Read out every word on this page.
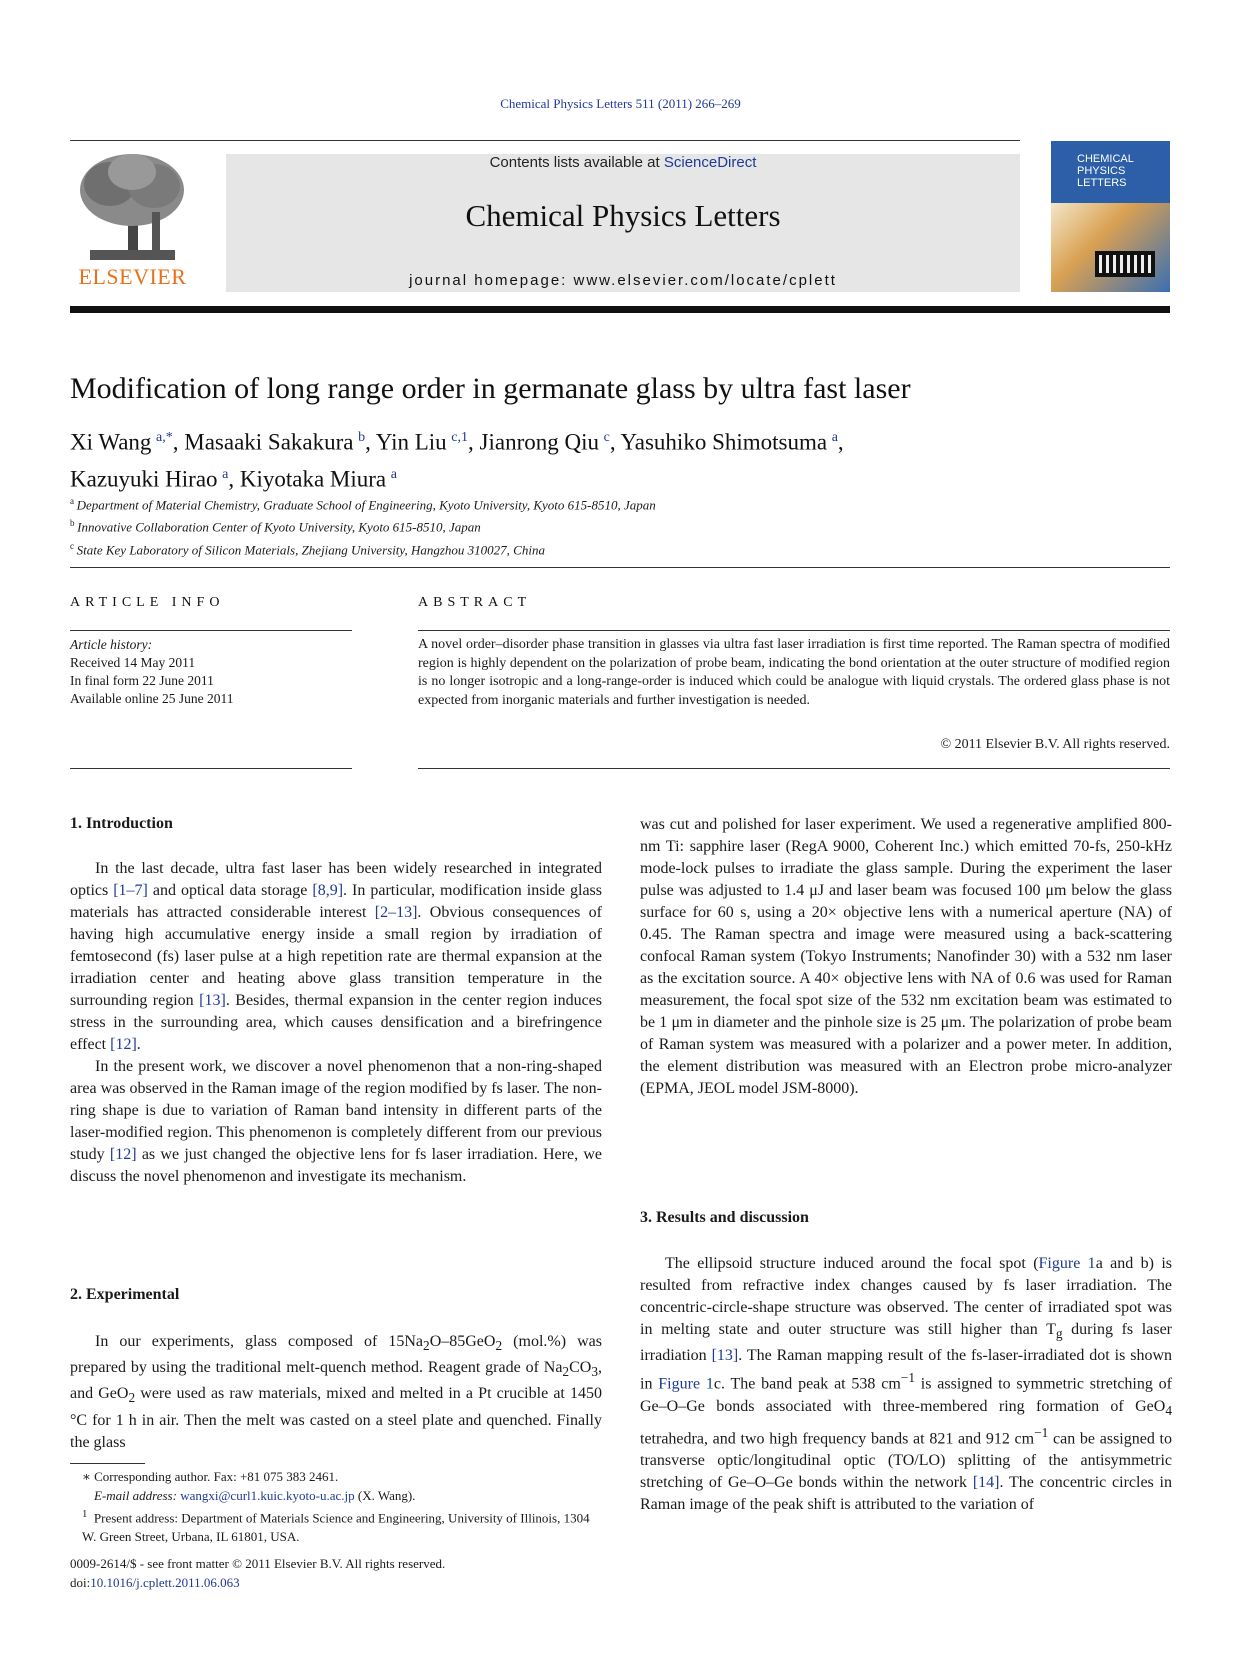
Chemical Physics Letters 511 (2011) 266–269
ELSEVIER
Contents lists available at ScienceDirect
Chemical Physics Letters
journal homepage: www.elsevier.com/locate/cplett
CHEMICAL
PHYSICS
LETTERS
Modification of long range order in germanate glass by ultra fast laser
Xi Wang  $^{a,*}$, Masaaki Sakakura  $^b$, Yin Liu  $^{c,1}$, Jianrong Qiu  $^c$, Yasuhiko Shimotsuma  $^a$,
Kazuyuki Hirao  $^a$, Kiyotaka Miura  $^a$
$^a$  Department of Material Chemistry, Graduate School of Engineering, Kyoto University, Kyoto 615-8510, Japan
$^b$  Innovative Collaboration Center of Kyoto University, Kyoto 615-8510, Japan
$^c$  State Key Laboratory of Silicon Materials, Zhejiang University, Hangzhou 310027, China
ARTICLE INFO	ABSTRACT
Article history:
Received 14 May 2011
In final form 22 June 2011
Available online 25 June 2011
A novel order–disorder phase transition in glasses via ultra fast laser irradiation is first time reported. The Raman spectra of modified region is highly dependent on the polarization of probe beam, indicating the bond orientation at the outer structure of modified region is no longer isotropic and a long-range-order is induced which could be analogue with liquid crystals. The ordered glass phase is not expected from inorganic materials and further investigation is needed.
© 2011 Elsevier B.V. All rights reserved.
1. Introduction

In the last decade, ultra fast laser has been widely researched in integrated optics [1–7] and optical data storage [8,9]. In particular, modification inside glass materials has attracted considerable interest [2–13]. Obvious consequences of having high accumulative energy inside a small region by irradiation of femtosecond (fs) laser pulse at a high repetition rate are thermal expansion at the irradiation center and heating above glass transition temperature in the surrounding region [13]. Besides, thermal expansion in the center region induces stress in the surrounding area, which causes densification and a birefringence effect [12].

In the present work, we discover a novel phenomenon that a non-ring-shaped area was observed in the Raman image of the region modified by fs laser. The non-ring shape is due to variation of Raman band intensity in different parts of the laser-modified region. This phenomenon is completely different from our previous study [12] as we just changed the objective lens for fs laser irradiation. Here, we discuss the novel phenomenon and investigate its mechanism.

2. Experimental

In our experiments, glass composed of $15Na_2O-85GeO_2$ (mol.%) was prepared by using the traditional melt-quench method. Reagent grade of $Na_2CO_3$, and GeO$_2$ were used as raw materials, mixed and melted in a Pt crucible at 1450 °C for 1 h in air. Then the melt was casted on a steel plate and quenched. Finally the glass

∗ Corresponding author. Fax: +81 075 383 2461.

E-mail address: wangxi@curl1.kuic.kyoto-u.ac.jp (X. Wang).

$^1$ Present address: Department of Materials Science and Engineering, University of Illinois, 1304 W. Green Street, Urbana, IL 61801, USA.

0009-2614/$ - see front matter © 2011 Elsevier B.V. All rights reserved.

doi:10.1016/j.cplett.2011.06.063

was cut and polished for laser experiment. We used a regenerative amplified 800-nm Ti: sapphire laser (RegA 9000, Coherent Inc.) which emitted 70-fs, 250-kHz mode-lock pulses to irradiate the glass sample. During the experiment the laser pulse was adjusted to 1.4 μJ and laser beam was focused 100 μm below the glass surface for 60 s, using a 20× objective lens with a numerical aperture (NA) of 0.45. The Raman spectra and image were measured using a back-scattering confocal Raman system (Tokyo Instruments; Nanofinder 30) with a 532 nm laser as the excitation source. A 40× objective lens with NA of 0.6 was used for Raman measurement, the focal spot size of the 532 nm excitation beam was estimated to be 1 μm in diameter and the pinhole size is 25 μm. The polarization of probe beam of Raman system was measured with a polarizer and a power meter. In addition, the element distribution was measured with an Electron probe micro-analyzer (EPMA, JEOL model JSM-8000).

3. Results and discussion

The ellipsoid structure induced around the focal spot (Figure 1a and b) is resulted from refractive index changes caused by fs laser irradiation. The concentric-circle-shape structure was observed. The center of irradiated spot was in melting state and outer structure was still higher than $T_g$ during fs laser irradiation [13]. The Raman mapping result of the fs-laser-irradiated dot is shown in Figure 1c. The band peak at 538 $cm^{-1}$ is assigned to symmetric stretching of Ge–O–Ge bonds associated with three-membered ring formation of GeO$_4$ tetrahedra, and two high frequency bands at 821 and 912 $cm^{-1}$ can be assigned to transverse optic/longitudinal optic (TO/LO) splitting of the antisymmetric stretching of Ge–O–Ge bonds within the network [14]. The concentric circles in Raman image of the peak shift is attributed to the variation of
